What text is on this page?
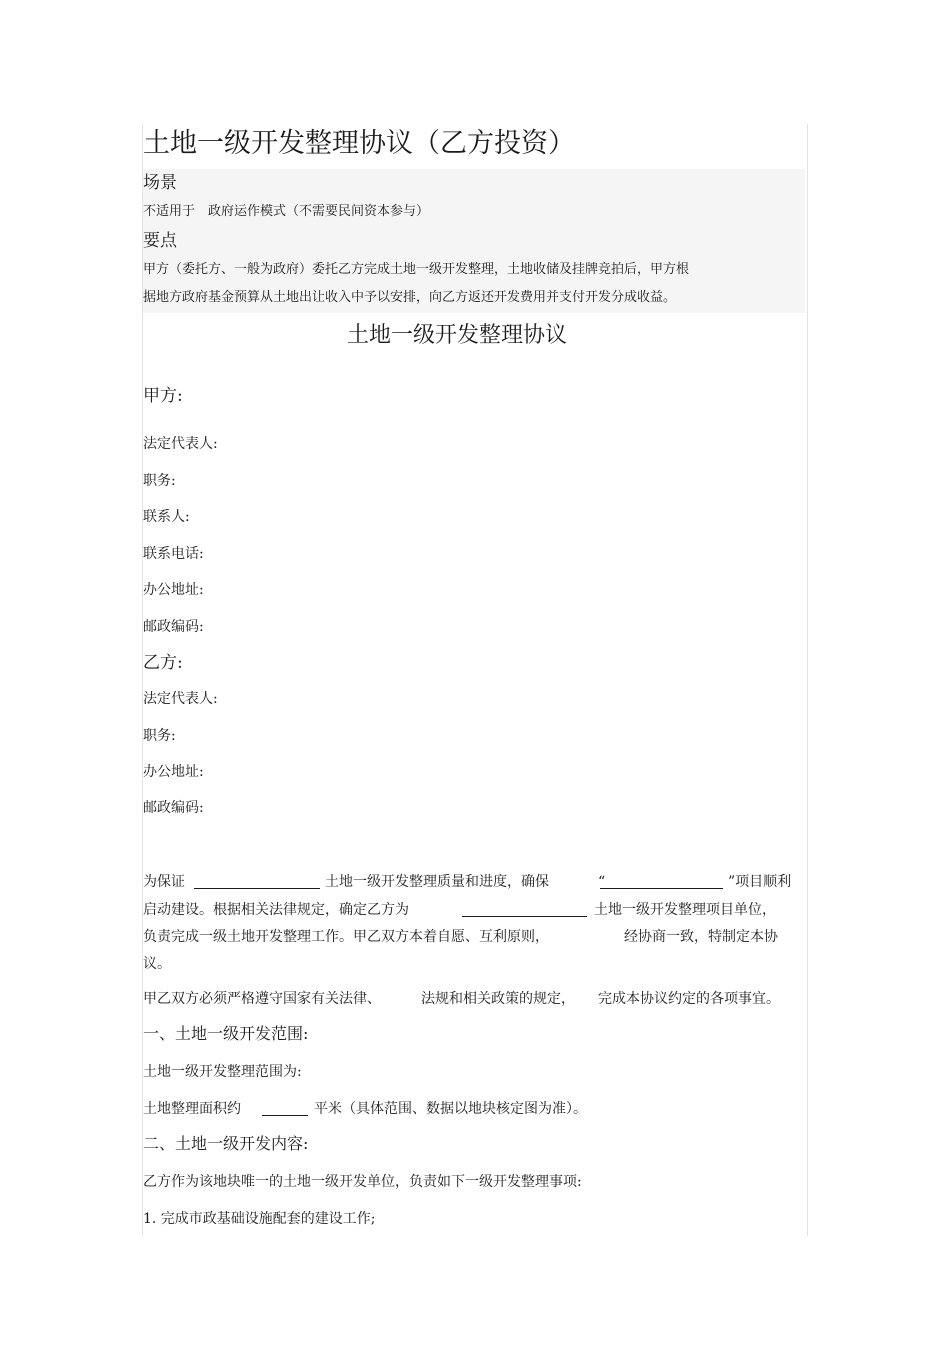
土地一级开发整理协议（乙方投资）
场景
不适用于　政府运作模式（不需要民间资本参与）
要点
甲方（委托方、一般为政府）委托乙方完成土地一级开发整理，土地收储及挂牌竞拍后，甲方根
据地方政府基金预算从土地出让收入中予以安排，向乙方返还开发费用并支付开发分成收益。
土地一级开发整理协议
甲方:
法定代表人:
职务:
联系人:
联系电话:
办公地址:
邮政编码:
乙方:
法定代表人:
职务:
办公地址:
邮政编码:
为保证	土地一级开发整理质量和进度，确保	“	”项目顺利
启动建设。根据相关法律规定，确定乙方为	土地一级开发整理项目单位，
负责完成一级土地开发整理工作。甲乙双方本着自愿、互利原则，	经协商一致，特制定本协
议。
甲乙双方必须严格遵守国家有关法律、	法规和相关政策的规定， 完成本协议约定的各项事宜。
一、土地一级开发范围:
土地一级开发整理范围为:
土地整理面积约	平米（具体范围、数据以地块核定图为准）。
二、土地一级开发内容:
乙方作为该地块唯一的土地一级开发单位，负责如下一级开发整理事项:
1. 完成市政基础设施配套的建设工作;
